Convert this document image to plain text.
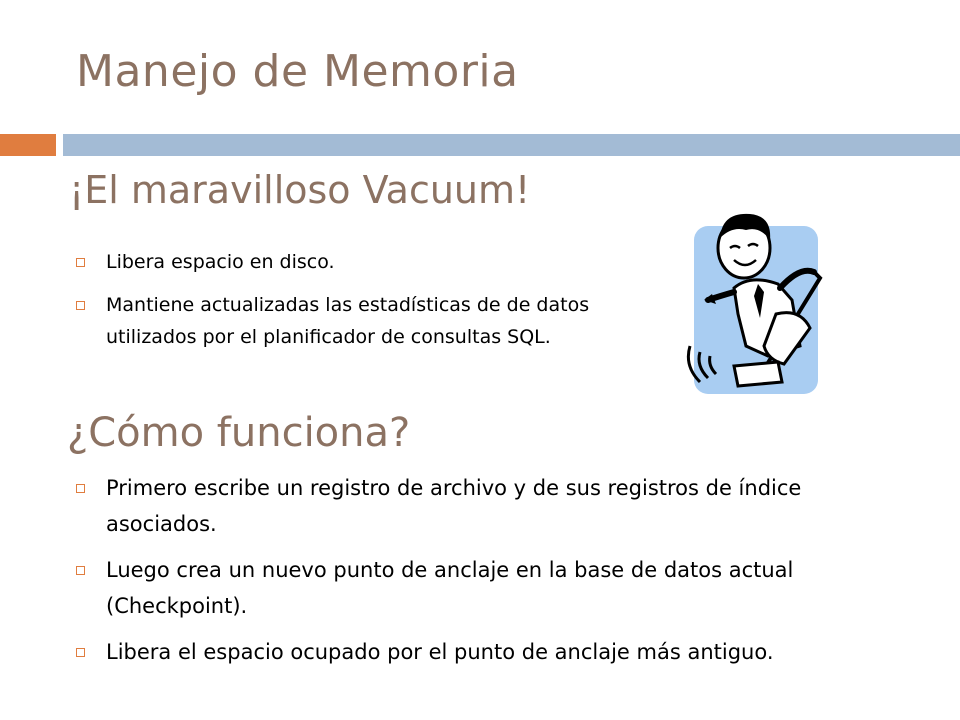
Manejo de Memoria
¡El maravilloso Vacuum!
Libera espacio en disco.
Mantiene actualizadas las estadísticas de de datos utilizados por el planificador de consultas SQL.
¿Cómo funciona?
Primero escribe un registro de archivo y de sus registros de índice asociados.
Luego crea un nuevo punto de anclaje en la base de datos actual (Checkpoint).
Libera el espacio ocupado por el punto de anclaje más antiguo.
